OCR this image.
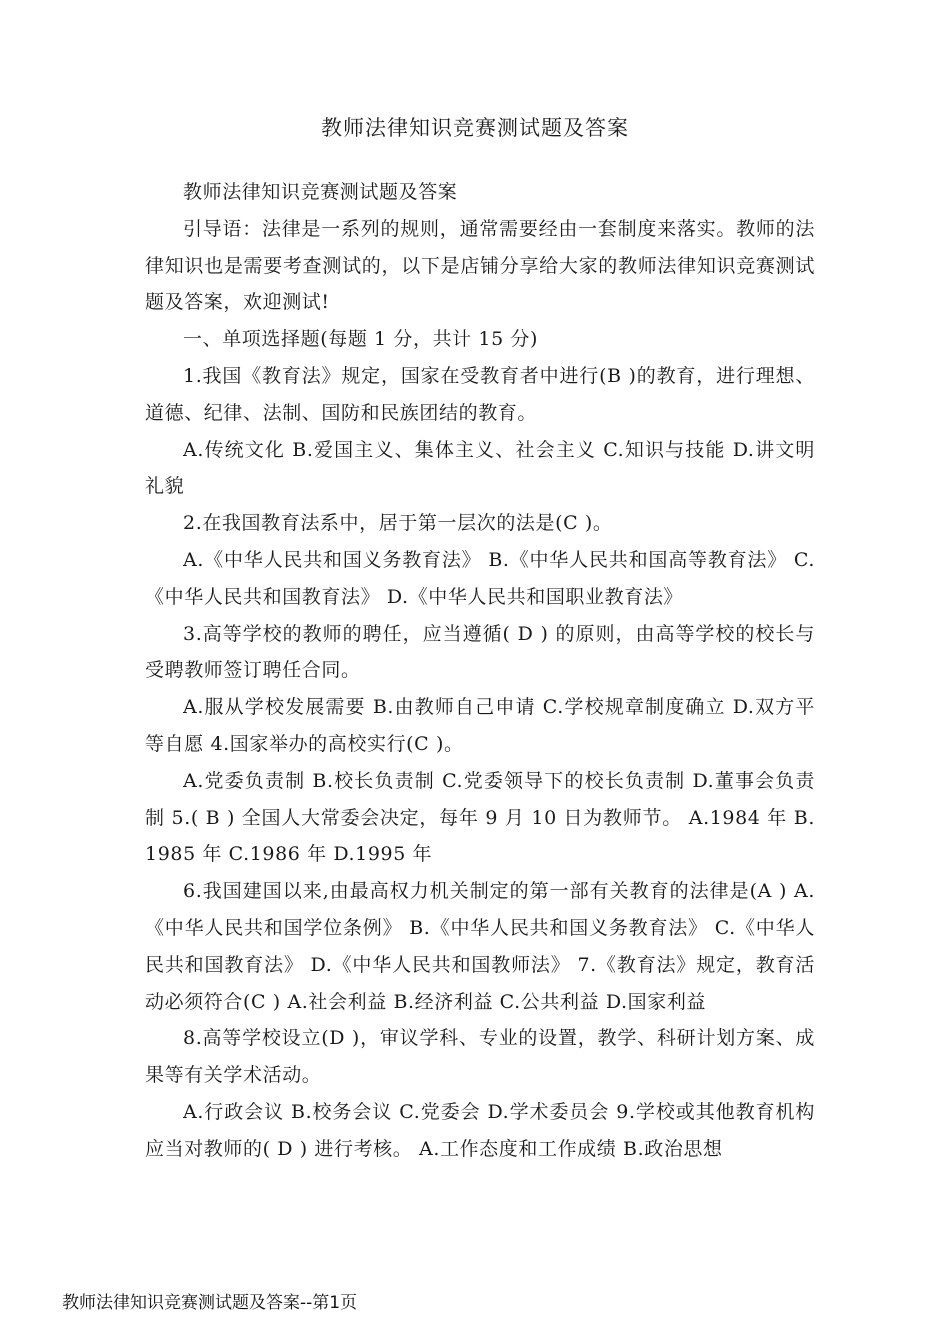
教师法律知识竞赛测试题及答案

教师法律知识竞赛测试题及答案

引导语：法律是一系列的规则，通常需要经由一套制度来落实。教师的法律知识也是需要考查测试的，以下是店铺分享给大家的教师法律知识竞赛测试题及答案，欢迎测试!

一、单项选择题(每题 1 分，共计 15 分)

1.我国《教育法》规定，国家在受教育者中进行(B )的教育，进行理想、道德、纪律、法制、国防和民族团结的教育。

A.传统文化 B.爱国主义、集体主义、社会主义 C.知识与技能 D.讲文明礼貌

2.在我国教育法系中，居于第一层次的法是(C )。

A.《中华人民共和国义务教育法》 B.《中华人民共和国高等教育法》 C.《中华人民共和国教育法》 D.《中华人民共和国职业教育法》

3.高等学校的教师的聘任，应当遵循( D ) 的原则，由高等学校的校长与受聘教师签订聘任合同。

A.服从学校发展需要 B.由教师自己申请 C.学校规章制度确立 D.双方平等自愿 4.国家举办的高校实行(C )。

A.党委负责制 B.校长负责制 C.党委领导下的校长负责制 D.董事会负责制 5.( B ) 全国人大常委会决定，每年 9 月 10 日为教师节。 A.1984 年 B.1985 年 C.1986 年 D.1995 年

6.我国建国以来,由最高权力机关制定的第一部有关教育的法律是(A ) A.《中华人民共和国学位条例》 B.《中华人民共和国义务教育法》 C.《中华人民共和国教育法》 D.《中华人民共和国教师法》 7.《教育法》规定，教育活动必须符合(C ) A.社会利益 B.经济利益 C.公共利益 D.国家利益

8.高等学校设立(D )，审议学科、专业的设置，教学、科研计划方案、成果等有关学术活动。

A.行政会议 B.校务会议 C.党委会 D.学术委员会 9.学校或其他教育机构应当对教师的( D ) 进行考核。 A.工作态度和工作成绩 B.政治思想

教师法律知识竞赛测试题及答案--第1页
